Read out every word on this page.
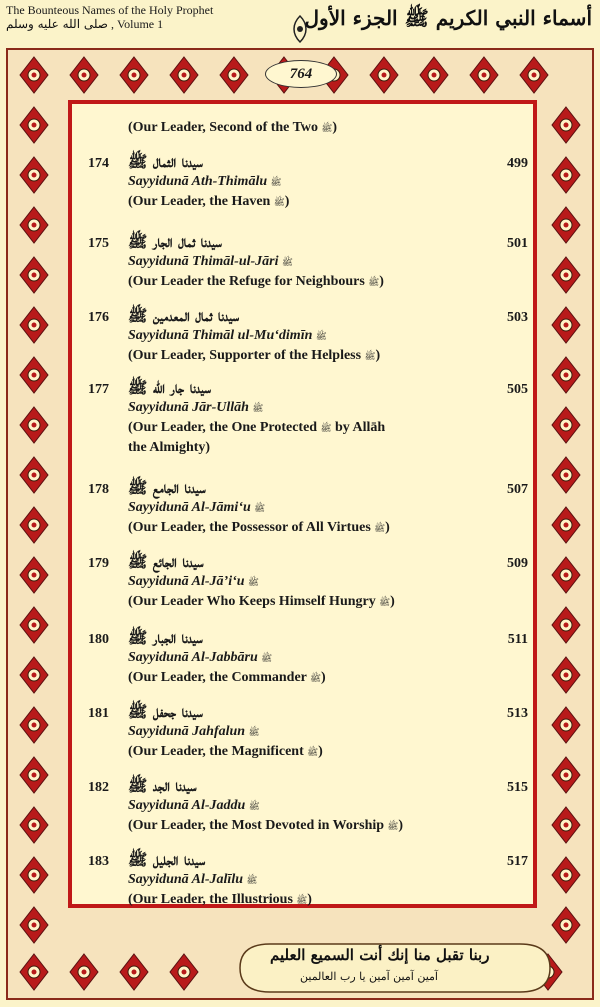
The Bounteous Names of the Holy Prophet
صلى الله عليه وسلم , Volume 1	أسماء النبي الكريم ﷺ الجزء الأول
764
(Our Leader, Second of the Two ﷺ)
174 سيدنا الثمال ﷺ
Sayyidunā Ath-Thimālu ﷺ
(Our Leader, the Haven ﷺ)
499
175 سيدنا ثمال الجار ﷺ
Sayyidunā Thimāl-ul-Jāri ﷺ
(Our Leader the Refuge for Neighbours ﷺ)
501
176 سيدنا ثمال المعدمين ﷺ
Sayyidunā Thimāl ul-Mu‘dimīn ﷺ
(Our Leader, Supporter of the Helpless ﷺ)
503
177 سيدنا جار الله ﷺ
Sayyidunā Jār-Ullāh ﷺ
(Our Leader, the One Protected ﷺ by Allāh
the Almighty)
505
178 سيدنا الجامع ﷺ
Sayyidunā Al-Jāmi‘u ﷺ
(Our Leader, the Possessor of All Virtues ﷺ)
507
179 سيدنا الجائع ﷺ
Sayyidunā Al-Jā’i‘u ﷺ
(Our Leader Who Keeps Himself Hungry ﷺ)
509
180 سيدنا الجبار ﷺ
Sayyidunā Al-Jabbāru ﷺ
(Our Leader, the Commander ﷺ)
511
181 سيدنا جحفل ﷺ
Sayyidunā Jahfalun ﷺ
(Our Leader, the Magnificent ﷺ)
513
182 سيدنا الجد ﷺ
Sayyidunā Al-Jaddu ﷺ
(Our Leader, the Most Devoted in Worship ﷺ)
515
183 سيدنا الجليل ﷺ
Sayyidunā Al-Jalīlu ﷺ
(Our Leader, the Illustrious ﷺ)
517
ربنا تقبل منا إنك أنت السميع العليم
آمين آمين آمين يا رب العالمين
